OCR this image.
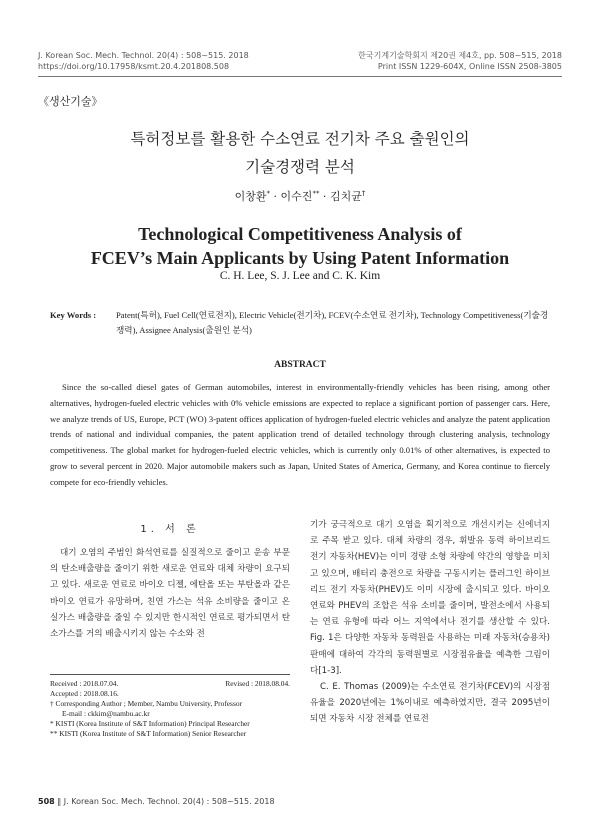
J. Korean Soc. Mech. Technol. 20(4) : 508~515. 2018
https://doi.org/10.17958/ksmt.20.4.201808.508
한국기계기술학회지 제20권 제4호, pp. 508~515, 2018
Print ISSN 1229-604X, Online ISSN 2508-3805
《생산기술》
특허정보를 활용한 수소연료 전기차 주요 출원인의
기술경쟁력 분석
이창환* · 이수진** · 김치균†
Technological Competitiveness Analysis of
FCEV’s Main Applicants by Using Patent Information
C. H. Lee, S. J. Lee and C. K. Kim
Key Words : Patent(특허), Fuel Cell(연료전지), Electric Vehicle(전기차), FCEV(수소연료 전기차), Technology Competitiveness(기술경쟁력), Assignee Analysis(출원인 분석)
ABSTRACT

Since the so-called diesel gates of German automobiles, interest in environmentally-friendly vehicles has been rising, among other alternatives, hydrogen-fueled electric vehicles with 0% vehicle emissions are expected to replace a significant portion of passenger cars. Here, we analyze trends of US, Europe, PCT (WO) 3-patent offices application of hydrogen-fueled electric vehicles and analyze the patent application trends of national and individual companies, the patent application trend of detailed technology through clustering analysis, technology competitiveness. The global market for hydrogen-fueled electric vehicles, which is currently only 0.01% of other alternatives, is expected to grow to several percent in 2020. Major automobile makers such as Japan, United States of America, Germany, and Korea continue to fiercely compete for eco-friendly vehicles.

1. 서 론

대기 오염의 주범인 화석연료를 실질적으로 줄이고 운송 부문의 탄소배출량을 줄이기 위한 새로운 연료와 대체 차량이 요구되고 있다. 새로운 연료로 바이오 디젤, 에탄올 또는 부탄올과 같은 바이오 연료가 유망하며, 친연 가스는 석유 소비량을 줄이고 온실가스 배출량을 줄일 수 있지만 한시적인 연료로 평가되면서 탄소가스를 거의 배출시키지 않는 수소와 전

기가 궁극적으로 대기 오염을 획기적으로 개선시키는 신에너지로 주목 받고 있다. 대체 차량의 경우, 휘발유 동력 하이브리드 전기 자동차(HEV)는 이미 경량 소형 차량에 약간의 영향을 미치고 있으며, 배터리 충전으로 차량을 구동시키는 플러그인 하이브리드 전기 자동차(PHEV)도 이미 시장에 출시되고 있다. 바이오 연료와 PHEV의 조합은 석유 소비를 줄이며, 발전소에서 사용되는 연료 유형에 따라 어느 지역에서나 전기를 생산할 수 있다. Fig. 1은 다양한 자동차 동력원을 사용하는 미래 자동차(승용차) 판매에 대하여 각각의 동력원별로 시장점유율을 예측한 그림이다[1-3].
C. E. Thomas (2009)는 수소연료 전기차(FCEV)의 시장점유율을 2020년에는 1%이내로 예측하였지만, 결국 2095년이 되면 자동차 시장 전체를 연료전
Received : 2018.07.04.	Revised : 2018.08.04.
Accepted : 2018.08.16.
† Corresponding Author ; Member, Nambu University, Professor
E-mail : ckkim@nambu.ac.kr
* KISTI (Korea Institute of S&T Information) Principal Researcher
** KISTI (Korea Institute of S&T Information) Senior Researcher
508 ‖ J. Korean Soc. Mech. Technol. 20(4) : 508~515. 2018
